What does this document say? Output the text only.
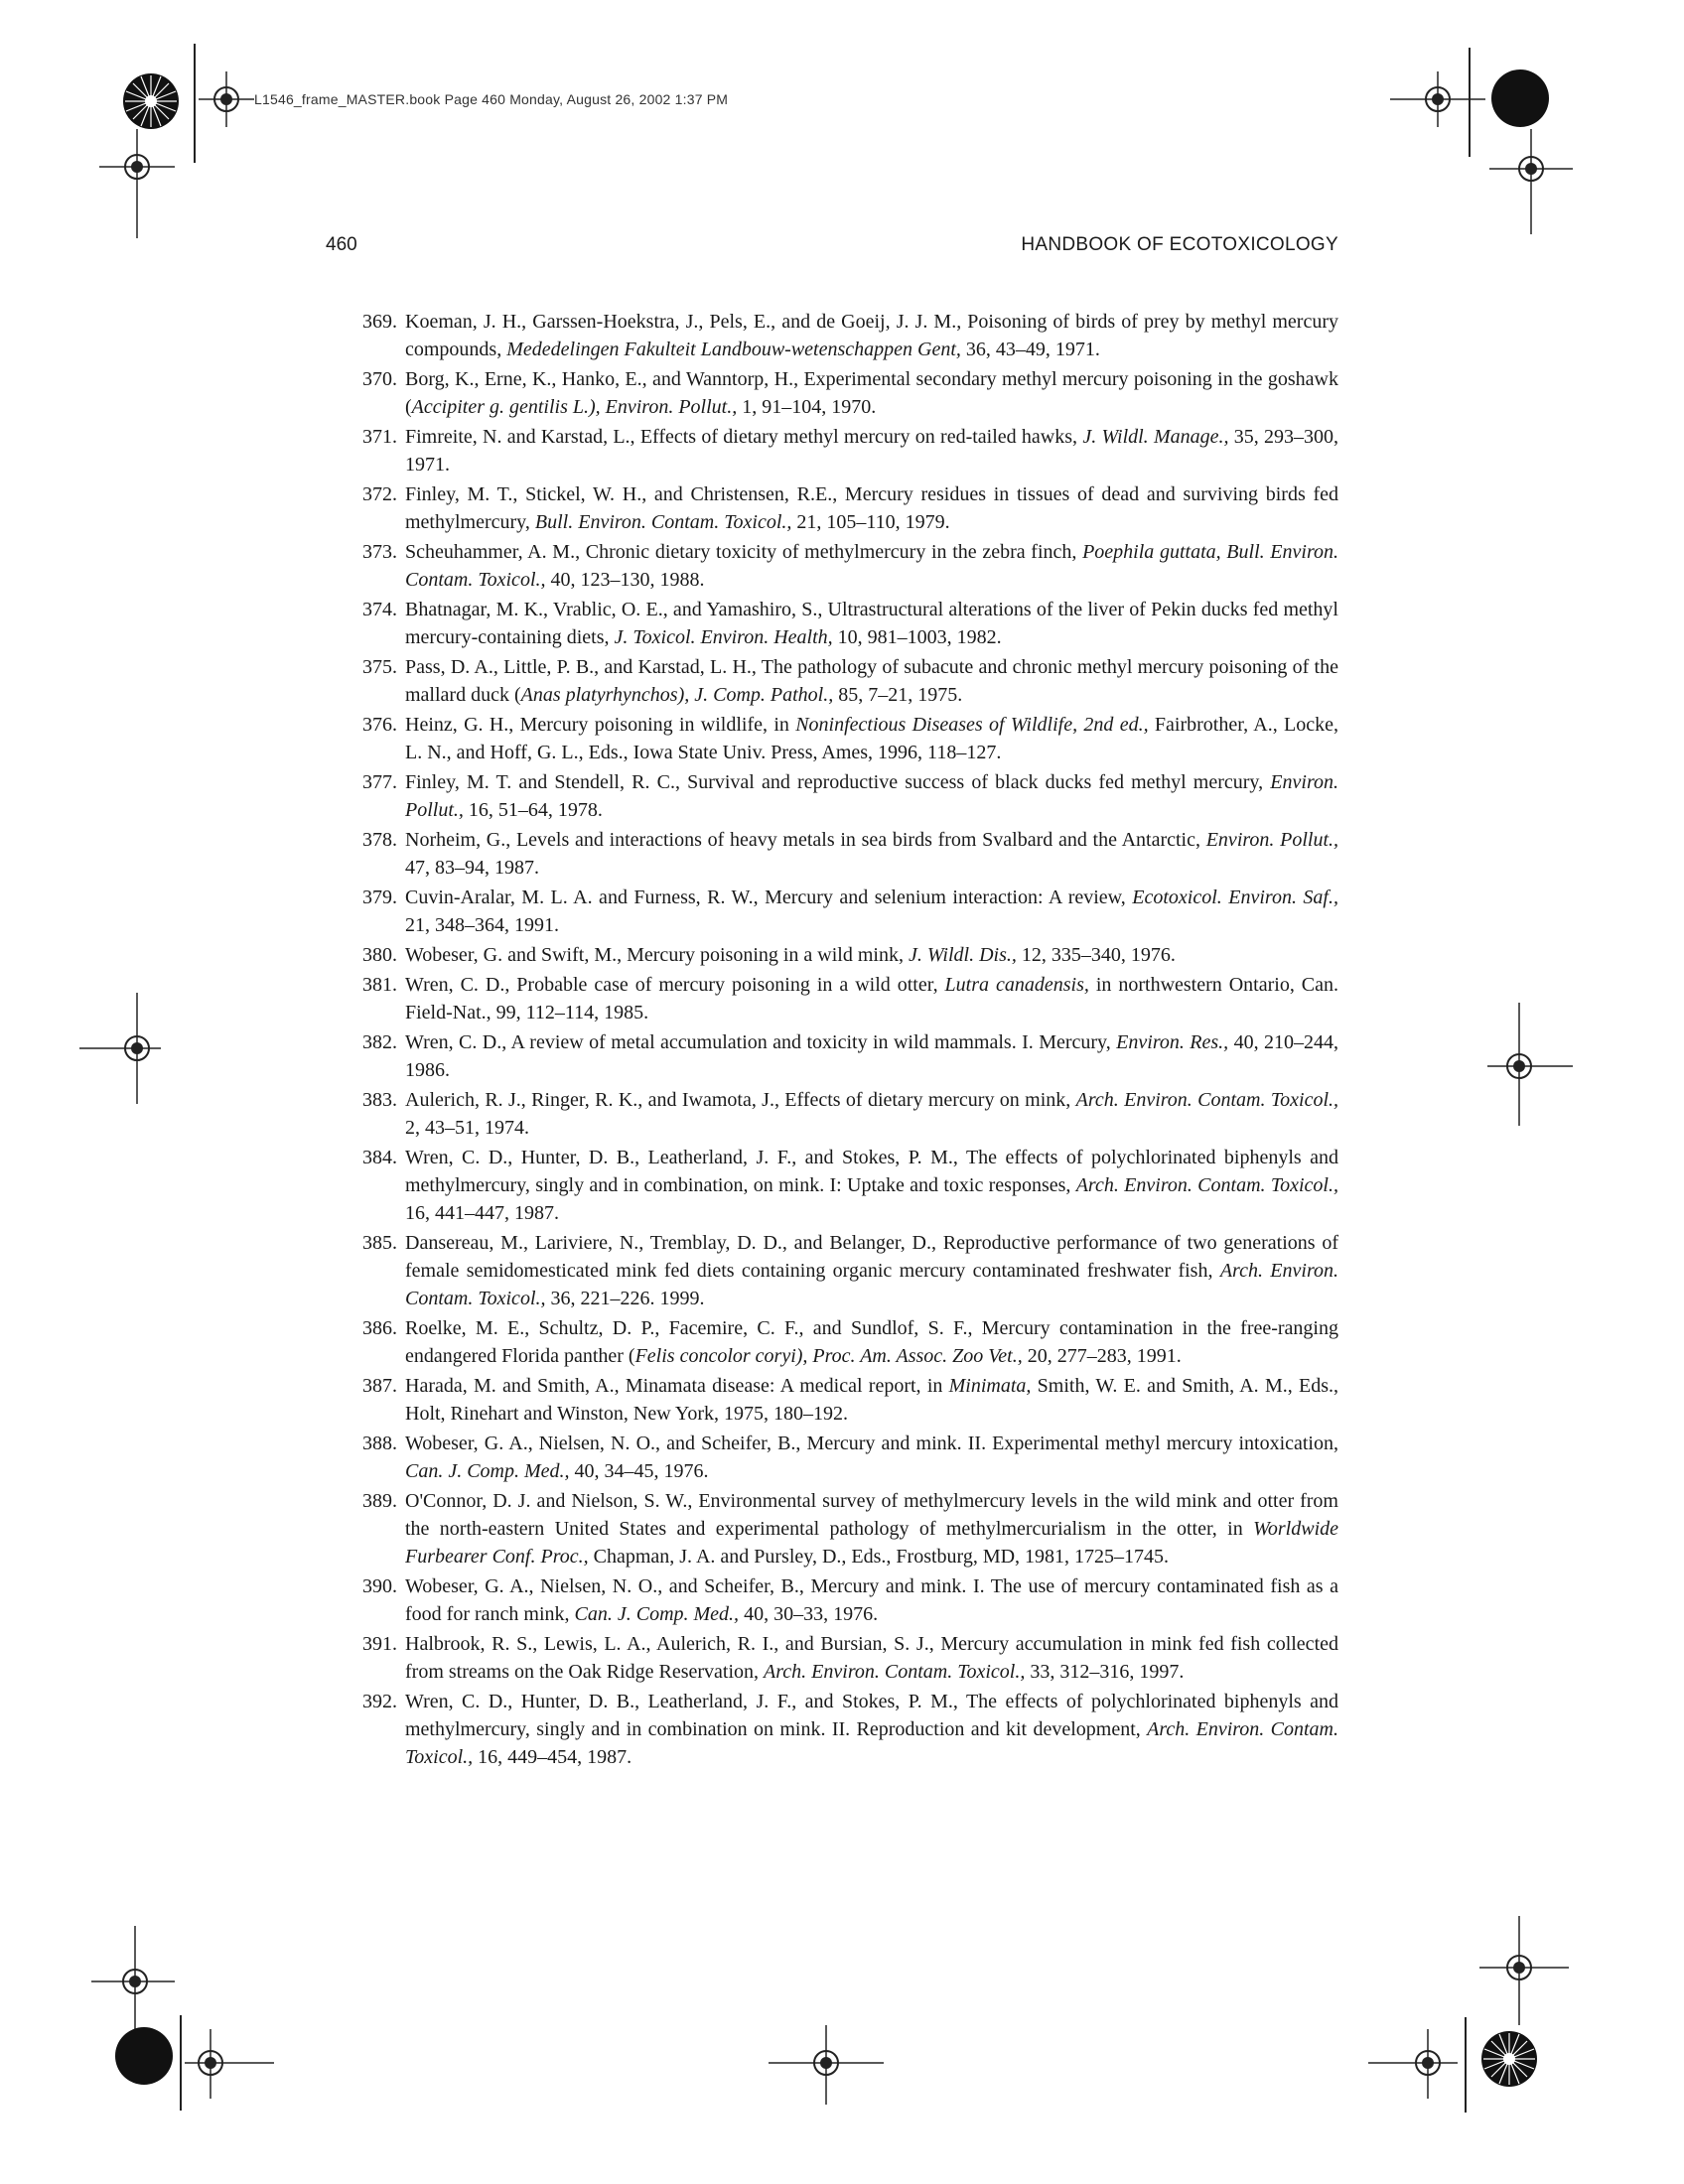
L1546_frame_MASTER.book Page 460 Monday, August 26, 2002 1:37 PM
460	HANDBOOK OF ECOTOXICOLOGY
369. Koeman, J. H., Garssen-Hoekstra, J., Pels, E., and de Goeij, J. J. M., Poisoning of birds of prey by methyl mercury compounds, Mededelingen Fakulteit Landbouw-wetenschappen Gent, 36, 43–49, 1971.
370. Borg, K., Erne, K., Hanko, E., and Wanntorp, H., Experimental secondary methyl mercury poisoning in the goshawk (Accipiter g. gentilis L.), Environ. Pollut., 1, 91–104, 1970.
371. Fimreite, N. and Karstad, L., Effects of dietary methyl mercury on red-tailed hawks, J. Wildl. Manage., 35, 293–300, 1971.
372. Finley, M. T., Stickel, W. H., and Christensen, R.E., Mercury residues in tissues of dead and surviving birds fed methylmercury, Bull. Environ. Contam. Toxicol., 21, 105–110, 1979.
373. Scheuhammer, A. M., Chronic dietary toxicity of methylmercury in the zebra finch, Poephila guttata, Bull. Environ. Contam. Toxicol., 40, 123–130, 1988.
374. Bhatnagar, M. K., Vrablic, O. E., and Yamashiro, S., Ultrastructural alterations of the liver of Pekin ducks fed methyl mercury-containing diets, J. Toxicol. Environ. Health, 10, 981–1003, 1982.
375. Pass, D. A., Little, P. B., and Karstad, L. H., The pathology of subacute and chronic methyl mercury poisoning of the mallard duck (Anas platyrhynchos), J. Comp. Pathol., 85, 7–21, 1975.
376. Heinz, G. H., Mercury poisoning in wildlife, in Noninfectious Diseases of Wildlife, 2nd ed., Fairbrother, A., Locke, L. N., and Hoff, G. L., Eds., Iowa State Univ. Press, Ames, 1996, 118–127.
377. Finley, M. T. and Stendell, R. C., Survival and reproductive success of black ducks fed methyl mercury, Environ. Pollut., 16, 51–64, 1978.
378. Norheim, G., Levels and interactions of heavy metals in sea birds from Svalbard and the Antarctic, Environ. Pollut., 47, 83–94, 1987.
379. Cuvin-Aralar, M. L. A. and Furness, R. W., Mercury and selenium interaction: A review, Ecotoxicol. Environ. Saf., 21, 348–364, 1991.
380. Wobeser, G. and Swift, M., Mercury poisoning in a wild mink, J. Wildl. Dis., 12, 335–340, 1976.
381. Wren, C. D., Probable case of mercury poisoning in a wild otter, Lutra canadensis, in northwestern Ontario, Can. Field-Nat., 99, 112–114, 1985.
382. Wren, C. D., A review of metal accumulation and toxicity in wild mammals. I. Mercury, Environ. Res., 40, 210–244, 1986.
383. Aulerich, R. J., Ringer, R. K., and Iwamota, J., Effects of dietary mercury on mink, Arch. Environ. Contam. Toxicol., 2, 43–51, 1974.
384. Wren, C. D., Hunter, D. B., Leatherland, J. F., and Stokes, P. M., The effects of polychlorinated biphenyls and methylmercury, singly and in combination, on mink. I: Uptake and toxic responses, Arch. Environ. Contam. Toxicol., 16, 441–447, 1987.
385. Dansereau, M., Lariviere, N., Tremblay, D. D., and Belanger, D., Reproductive performance of two generations of female semidomesticated mink fed diets containing organic mercury contaminated freshwater fish, Arch. Environ. Contam. Toxicol., 36, 221–226. 1999.
386. Roelke, M. E., Schultz, D. P., Facemire, C. F., and Sundlof, S. F., Mercury contamination in the free-ranging endangered Florida panther (Felis concolor coryi), Proc. Am. Assoc. Zoo Vet., 20, 277–283, 1991.
387. Harada, M. and Smith, A., Minamata disease: A medical report, in Minimata, Smith, W. E. and Smith, A. M., Eds., Holt, Rinehart and Winston, New York, 1975, 180–192.
388. Wobeser, G. A., Nielsen, N. O., and Scheifer, B., Mercury and mink. II. Experimental methyl mercury intoxication, Can. J. Comp. Med., 40, 34–45, 1976.
389. O'Connor, D. J. and Nielson, S. W., Environmental survey of methylmercury levels in the wild mink and otter from the north-eastern United States and experimental pathology of methylmercurialism in the otter, in Worldwide Furbearer Conf. Proc., Chapman, J. A. and Pursley, D., Eds., Frostburg, MD, 1981, 1725–1745.
390. Wobeser, G. A., Nielsen, N. O., and Scheifer, B., Mercury and mink. I. The use of mercury contaminated fish as a food for ranch mink, Can. J. Comp. Med., 40, 30–33, 1976.
391. Halbrook, R. S., Lewis, L. A., Aulerich, R. I., and Bursian, S. J., Mercury accumulation in mink fed fish collected from streams on the Oak Ridge Reservation, Arch. Environ. Contam. Toxicol., 33, 312–316, 1997.
392. Wren, C. D., Hunter, D. B., Leatherland, J. F., and Stokes, P. M., The effects of polychlorinated biphenyls and methylmercury, singly and in combination on mink. II. Reproduction and kit development, Arch. Environ. Contam. Toxicol., 16, 449–454, 1987.
